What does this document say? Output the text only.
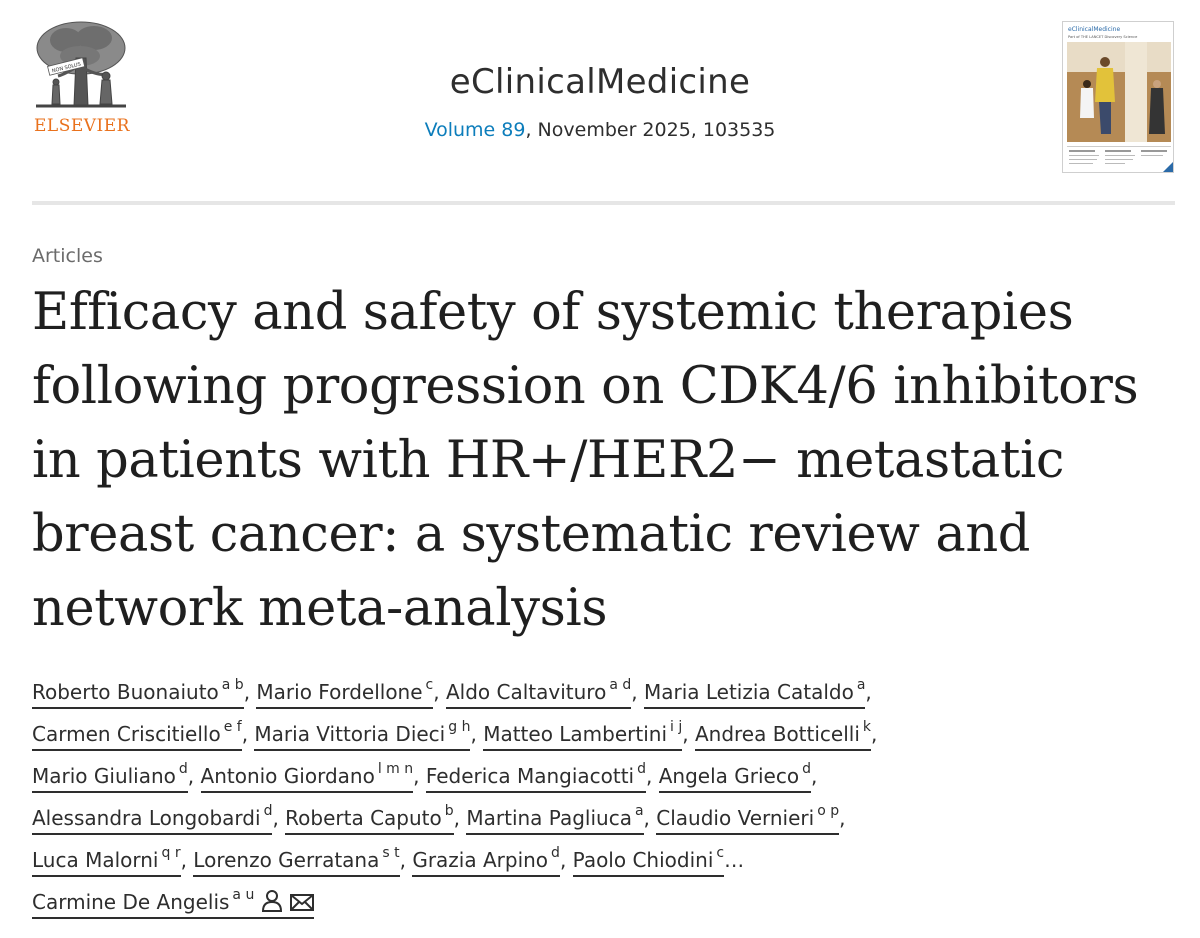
NON SOLUS
ELSEVIER
eClinicalMedicine
Volume 89, November 2025, 103535
eClinicalMedicine
Part of THE LANCET Discovery Science
Articles
Efficacy and safety of systemic therapies
following progression on CDK4/6 inhibitors
in patients with HR+/HER2− metastatic
breast cancer: a systematic review and
network meta-analysis
Roberto Buonaiuto $^{a b}$, Mario Fordellone $^c$, Aldo Caltavituro $^{a d}$, Maria Letizia Cataldo $^a$,
Carmen Criscitiello $^{e f}$, Maria Vittoria Dieci $^{g h}$, Matteo Lambertini $^{i j}$, Andrea Botticelli $^k$,
Mario Giuliano $^d$, Antonio Giordano $^{l m n}$, Federica Mangiacotti $^d$, Angela Grieco $^d$,
Alessandra Longobardi $^d$, Roberta Caputo $^b$, Martina Pagliuca $^a$, Claudio Vernieri $^{o p}$,
Luca Malorni $^{q r}$, Lorenzo Gerratana $^{s t}$, Grazia Arpino $^d$, Paolo Chiodini $^c$…
Carmine De Angelis $^{a u}$
